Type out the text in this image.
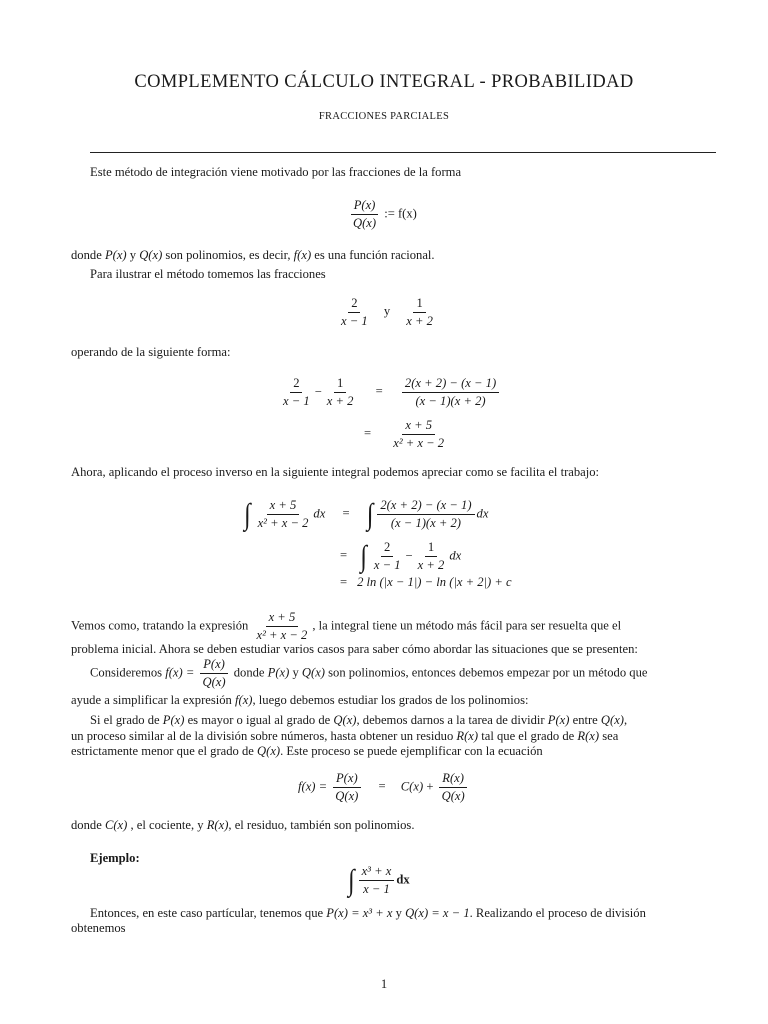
COMPLEMENTO CÁLCULO INTEGRAL - PROBABILIDAD
FRACCIONES PARCIALES
Este método de integración viene motivado por las fracciones de la forma
$\frac{P(x)}{Q(x)}$ := f(x)
donde P(x) y Q(x) son polinomios, es decir, f(x) es una función racional.
Para ilustrar el método tomemos las fracciones
$\frac{2}{x - 1}$ y $\frac{1}{x + 2}$
operando de la siguiente forma:
$\frac{2}{x - 1} - \frac{1}{x + 2} = \frac{2(x + 2) - (x - 1)}{(x - 1)(x + 2)}$
= $\frac{x + 5}{\text{x² + x − 2}}$
Ahora, aplicando el proceso inverso en la siguiente integral podemos apreciar como se facilita el trabajo:
∫ $\frac{x + 5}{\text{x² + x − 2}}$ dx = ∫ $\frac{2(x + 2) - (x - 1)}{(x - 1)(x + 2)}$ dx
= ∫ $\frac{2}{x - 1} - \frac{1}{x + 2}$ dx
= 2 ln (|x − 1|) − ln (|x + 2|) + c
Vemos como, tratando la expresión $\frac{x + 5}{\text{x² + x − 2}}$ , la integral tiene un método más fácil para ser resuelta que el
problema inicial. Ahora se deben estudiar varios casos para saber cómo abordar las situaciones que se presenten:
Consideremos $f(x) = \frac{P(x)}{Q(x)}$ donde P(x) y Q(x) son polinomios, entonces debemos empezar por un método que
ayude a simplificar la expresión f(x), luego debemos estudiar los grados de los polinomios:
Si el grado de P(x) es mayor o igual al grado de Q(x), debemos darnos a la tarea de dividir P(x) entre Q(x),
un proceso similar al de la división sobre números, hasta obtener un residuo R(x) tal que el grado de R(x) sea
estrictamente menor que el grado de Q(x). Este proceso se puede ejemplificar con la ecuación
$f(x) = \frac{P(x)}{Q(x)} = C(x) + \frac{R(x)}{Q(x)}$
donde C(x) , el cociente, y R(x), el residuo, también son polinomios.
Ejemplo:
∫ $\frac{\text{x³ + x}}{x - 1}$ dx
Entonces, en este caso partícular, tenemos que P(x) = x³ + x y Q(x) = x − 1. Realizando el proceso de división
obtenemos
1
